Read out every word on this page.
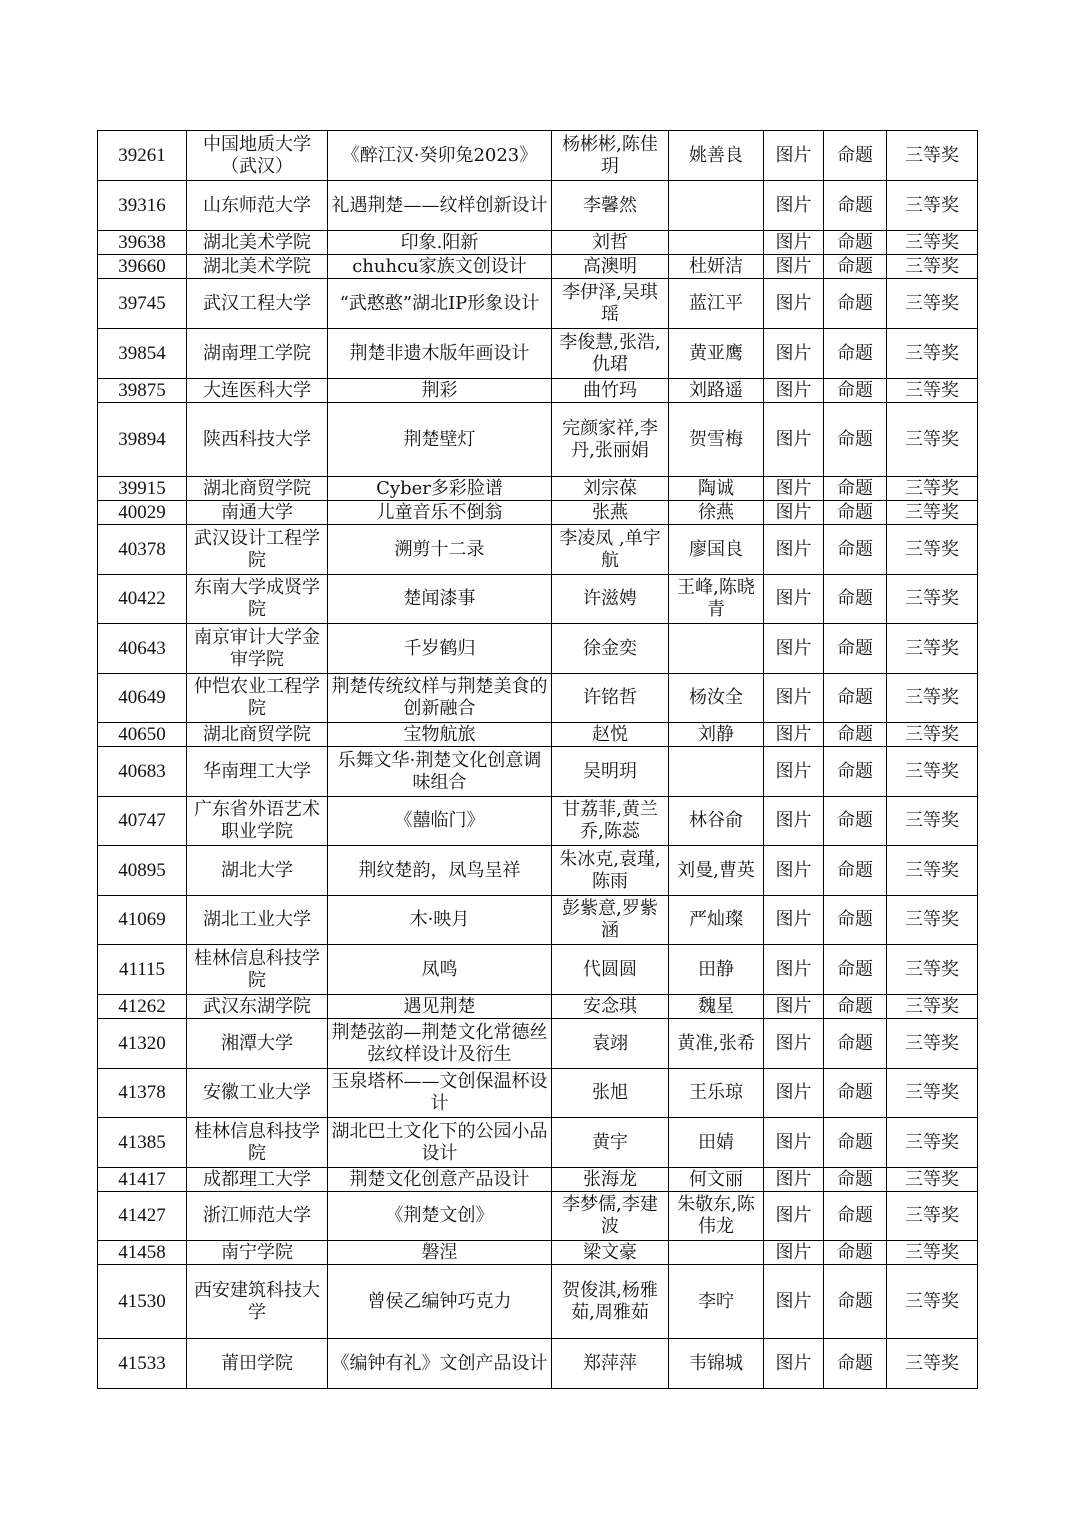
39261	中国地质大学（武汉）	《醉江汉·癸卯兔2023》	杨彬彬,陈佳玥	姚善良	图片	命题	三等奖
39316	山东师范大学	礼遇荆楚——纹样创新设计	李馨然		图片	命题	三等奖
39638	湖北美术学院	印象.阳新	刘哲		图片	命题	三等奖
39660	湖北美术学院	chuhcu家族文创设计	高澳明	杜妍洁	图片	命题	三等奖
39745	武汉工程大学	“武憨憨”湖北IP形象设计	李伊泽,吴琪瑶	蓝江平	图片	命题	三等奖
39854	湖南理工学院	荆楚非遗木版年画设计	李俊慧,张浩,仇珺	黄亚鹰	图片	命题	三等奖
39875	大连医科大学	荆彩	曲竹玛	刘路遥	图片	命题	三等奖
39894	陕西科技大学	荆楚壁灯	完颜家祥,李丹,张丽娟	贺雪梅	图片	命题	三等奖
39915	湖北商贸学院	Cyber多彩脸谱	刘宗葆	陶诚	图片	命题	三等奖
40029	南通大学	儿童音乐不倒翁	张燕	徐燕	图片	命题	三等奖
40378	武汉设计工程学院	溯剪十二录	李凌凤 ,单宇航	廖国良	图片	命题	三等奖
40422	东南大学成贤学院	楚闻漆事	许滋娉	王峰,陈晓青	图片	命题	三等奖
40643	南京审计大学金审学院	千岁鹤归	徐金奕		图片	命题	三等奖
40649	仲恺农业工程学院	荆楚传统纹样与荆楚美食的创新融合	许铭哲	杨汝全	图片	命题	三等奖
40650	湖北商贸学院	宝物航旅	赵悦	刘静	图片	命题	三等奖
40683	华南理工大学	乐舞文华·荆楚文化创意调味组合	吴明玥		图片	命题	三等奖
40747	广东省外语艺术职业学院	《囍临门》	甘荔菲,黄兰乔,陈蕊	林谷俞	图片	命题	三等奖
40895	湖北大学	荆纹楚韵，凤鸟呈祥	朱冰克,袁瑾,陈雨	刘曼,曹英	图片	命题	三等奖
41069	湖北工业大学	木·映月	彭紫意,罗紫涵	严灿璨	图片	命题	三等奖
41115	桂林信息科技学院	凤鸣	代圆圆	田静	图片	命题	三等奖
41262	武汉东湖学院	遇见荆楚	安念琪	魏星	图片	命题	三等奖
41320	湘潭大学	荆楚弦韵—荆楚文化常德丝弦纹样设计及衍生	袁翊	黄准,张希	图片	命题	三等奖
41378	安徽工业大学	玉泉塔杯——文创保温杯设计	张旭	王乐琼	图片	命题	三等奖
41385	桂林信息科技学院	湖北巴土文化下的公园小品设计	黄宇	田婧	图片	命题	三等奖
41417	成都理工大学	荆楚文化创意产品设计	张海龙	何文丽	图片	命题	三等奖
41427	浙江师范大学	《荆楚文创》	李梦儒,李建波	朱敬东,陈伟龙	图片	命题	三等奖
41458	南宁学院	磐涅	梁文豪		图片	命题	三等奖
41530	西安建筑科技大学	曾侯乙编钟巧克力	贺俊淇,杨雅茹,周雅茹	李咛	图片	命题	三等奖
41533	莆田学院	《编钟有礼》文创产品设计	郑萍萍	韦锦城	图片	命题	三等奖
